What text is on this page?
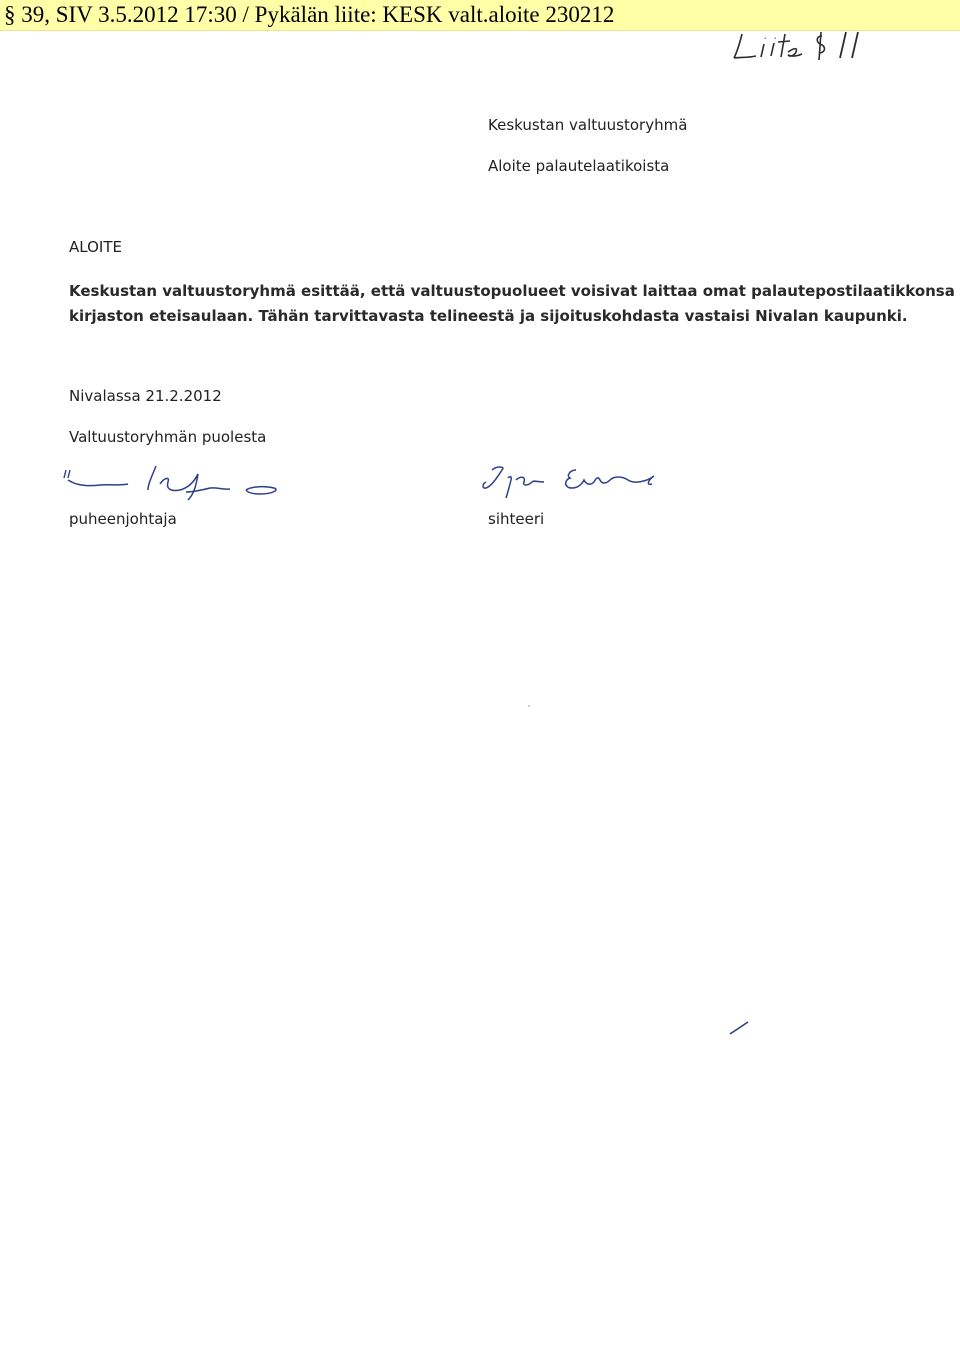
§ 39, SIV 3.5.2012 17:30 / Pykälän liite: KESK valt.aloite 230212
Keskustan valtuustoryhmä
Aloite palautelaatikoista
ALOITE
Keskustan valtuustoryhmä esittää, että valtuustopuolueet voisivat laittaa omat palautepostilaatikkonsa
kirjaston eteisaulaan. Tähän tarvittavasta telineestä ja sijoituskohdasta vastaisi Nivalan kaupunki.
Nivalassa 21.2.2012
Valtuustoryhmän puolesta
puheenjohtaja	sihteeri
